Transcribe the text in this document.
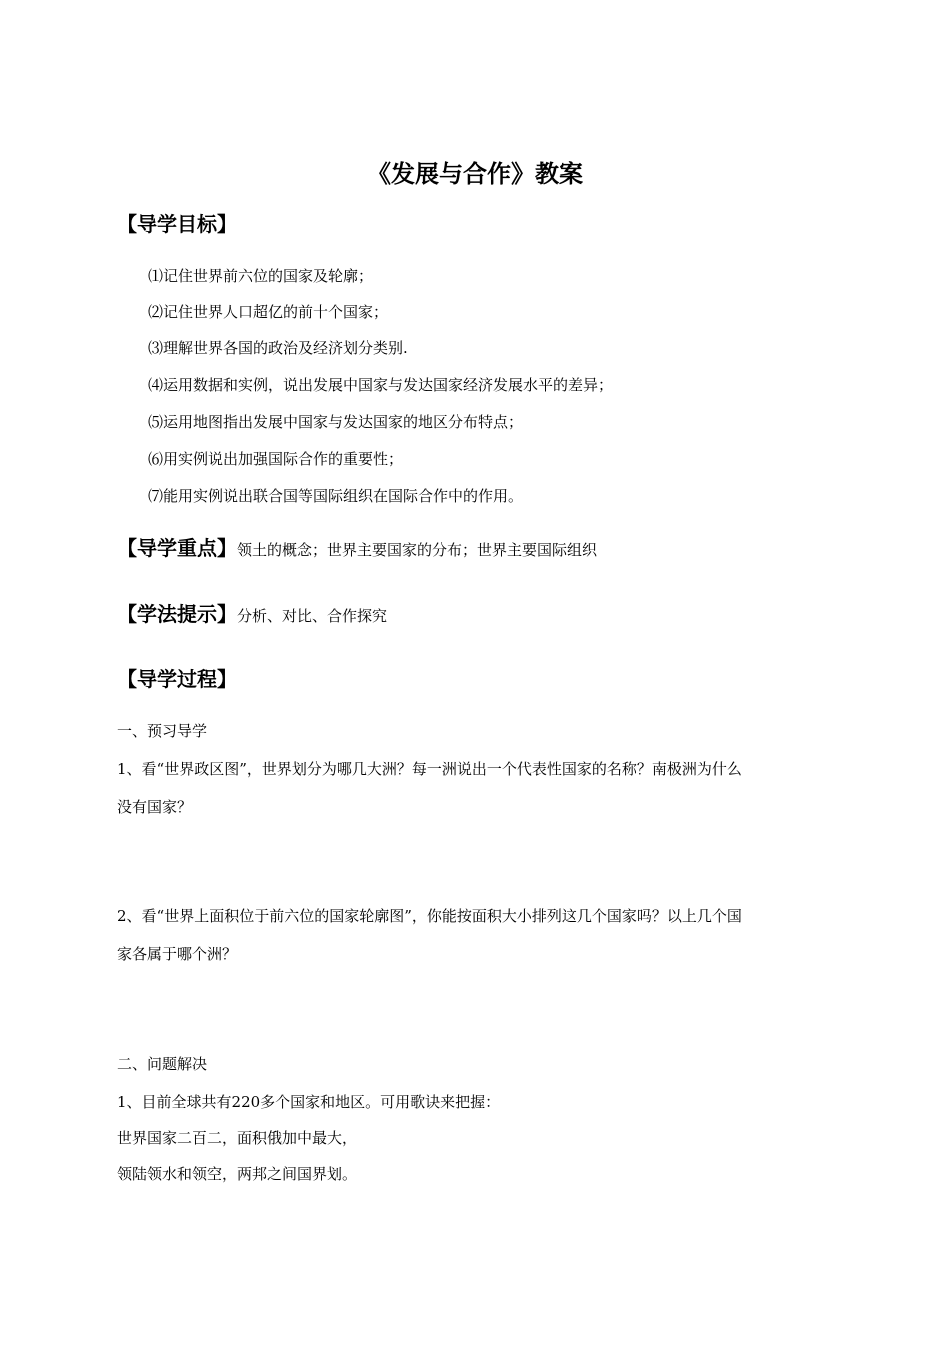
《发展与合作》教案
【导学目标】
⑴记住世界前六位的国家及轮廓；
⑵记住世界人口超亿的前十个国家；
⑶理解世界各国的政治及经济划分类别.
⑷运用数据和实例，说出发展中国家与发达国家经济发展水平的差异；
⑸运用地图指出发展中国家与发达国家的地区分布特点；
⑹用实例说出加强国际合作的重要性；
⑺能用实例说出联合国等国际组织在国际合作中的作用。
【导学重点】领土的概念；世界主要国家的分布；世界主要国际组织
【学法提示】分析、对比、合作探究
【导学过程】
一、预习导学
1、看“世界政区图”，世界划分为哪几大洲？每一洲说出一个代表性国家的名称？南极洲为什么
没有国家？
2、看“世界上面积位于前六位的国家轮廓图”，你能按面积大小排列这几个国家吗？以上几个国
家各属于哪个洲？
二、问题解决
1、目前全球共有220多个国家和地区。可用歌诀来把握：
世界国家二百二，面积俄加中最大，
领陆领水和领空，两邦之间国界划。
